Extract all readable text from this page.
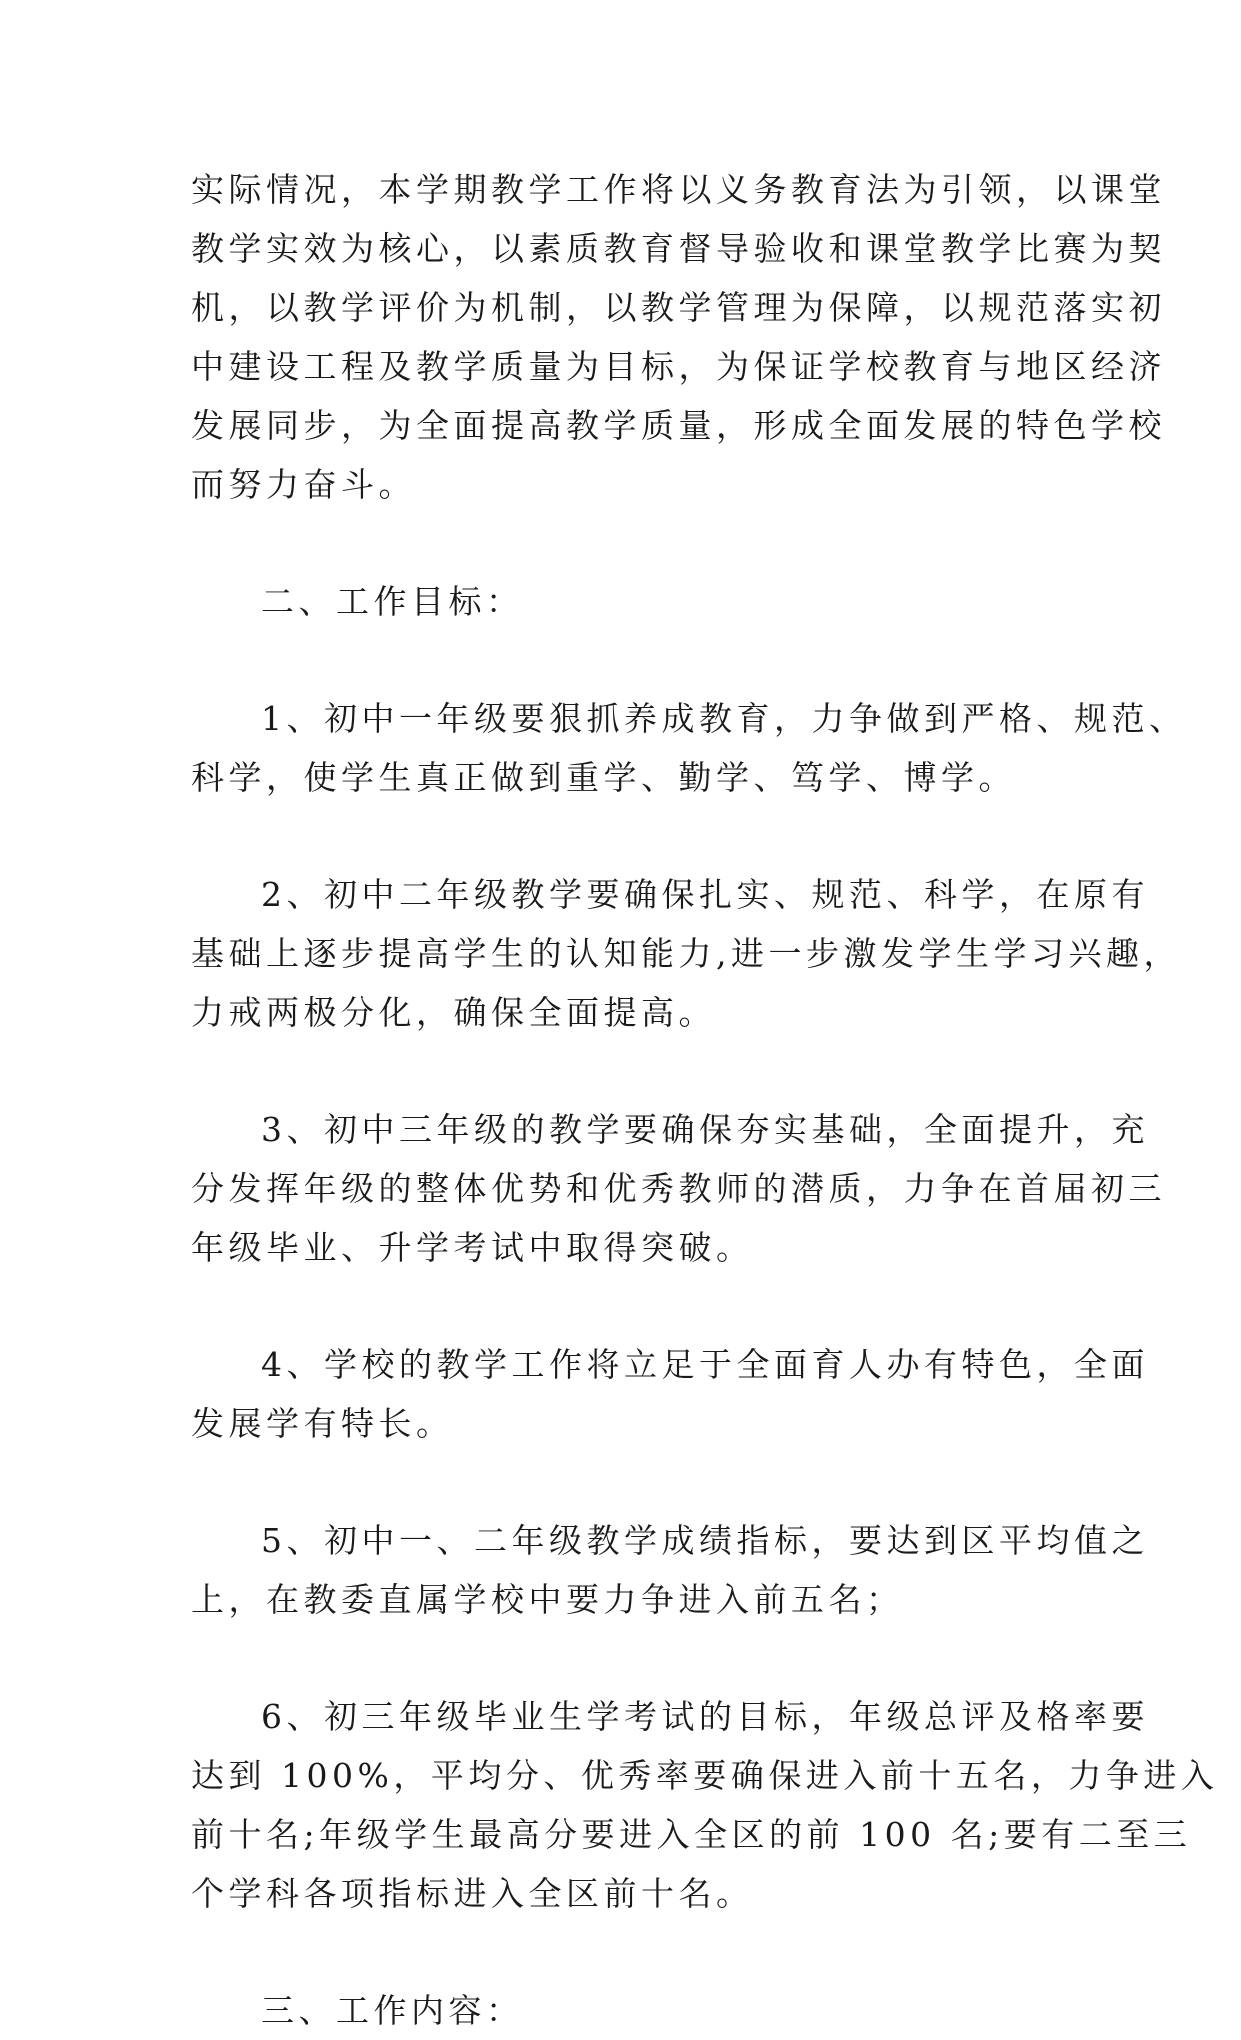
实际情况，本学期教学工作将以义务教育法为引领，以课堂
教学实效为核心，以素质教育督导验收和课堂教学比赛为契
机，以教学评价为机制，以教学管理为保障，以规范落实初
中建设工程及教学质量为目标，为保证学校教育与地区经济
发展同步，为全面提高教学质量，形成全面发展的特色学校
而努力奋斗。
二、工作目标：
1、初中一年级要狠抓养成教育，力争做到严格、规范、
科学，使学生真正做到重学、勤学、笃学、博学。
2、初中二年级教学要确保扎实、规范、科学，在原有
基础上逐步提高学生的认知能力,进一步激发学生学习兴趣，
力戒两极分化，确保全面提高。
3、初中三年级的教学要确保夯实基础，全面提升，充
分发挥年级的整体优势和优秀教师的潜质，力争在首届初三
年级毕业、升学考试中取得突破。
4、学校的教学工作将立足于全面育人办有特色，全面
发展学有特长。
5、初中一、二年级教学成绩指标，要达到区平均值之
上，在教委直属学校中要力争进入前五名；
6、初三年级毕业生学考试的目标，年级总评及格率要
达到 100%，平均分、优秀率要确保进入前十五名，力争进入
前十名;年级学生最高分要进入全区的前 100 名;要有二至三
个学科各项指标进入全区前十名。
三、工作内容：
